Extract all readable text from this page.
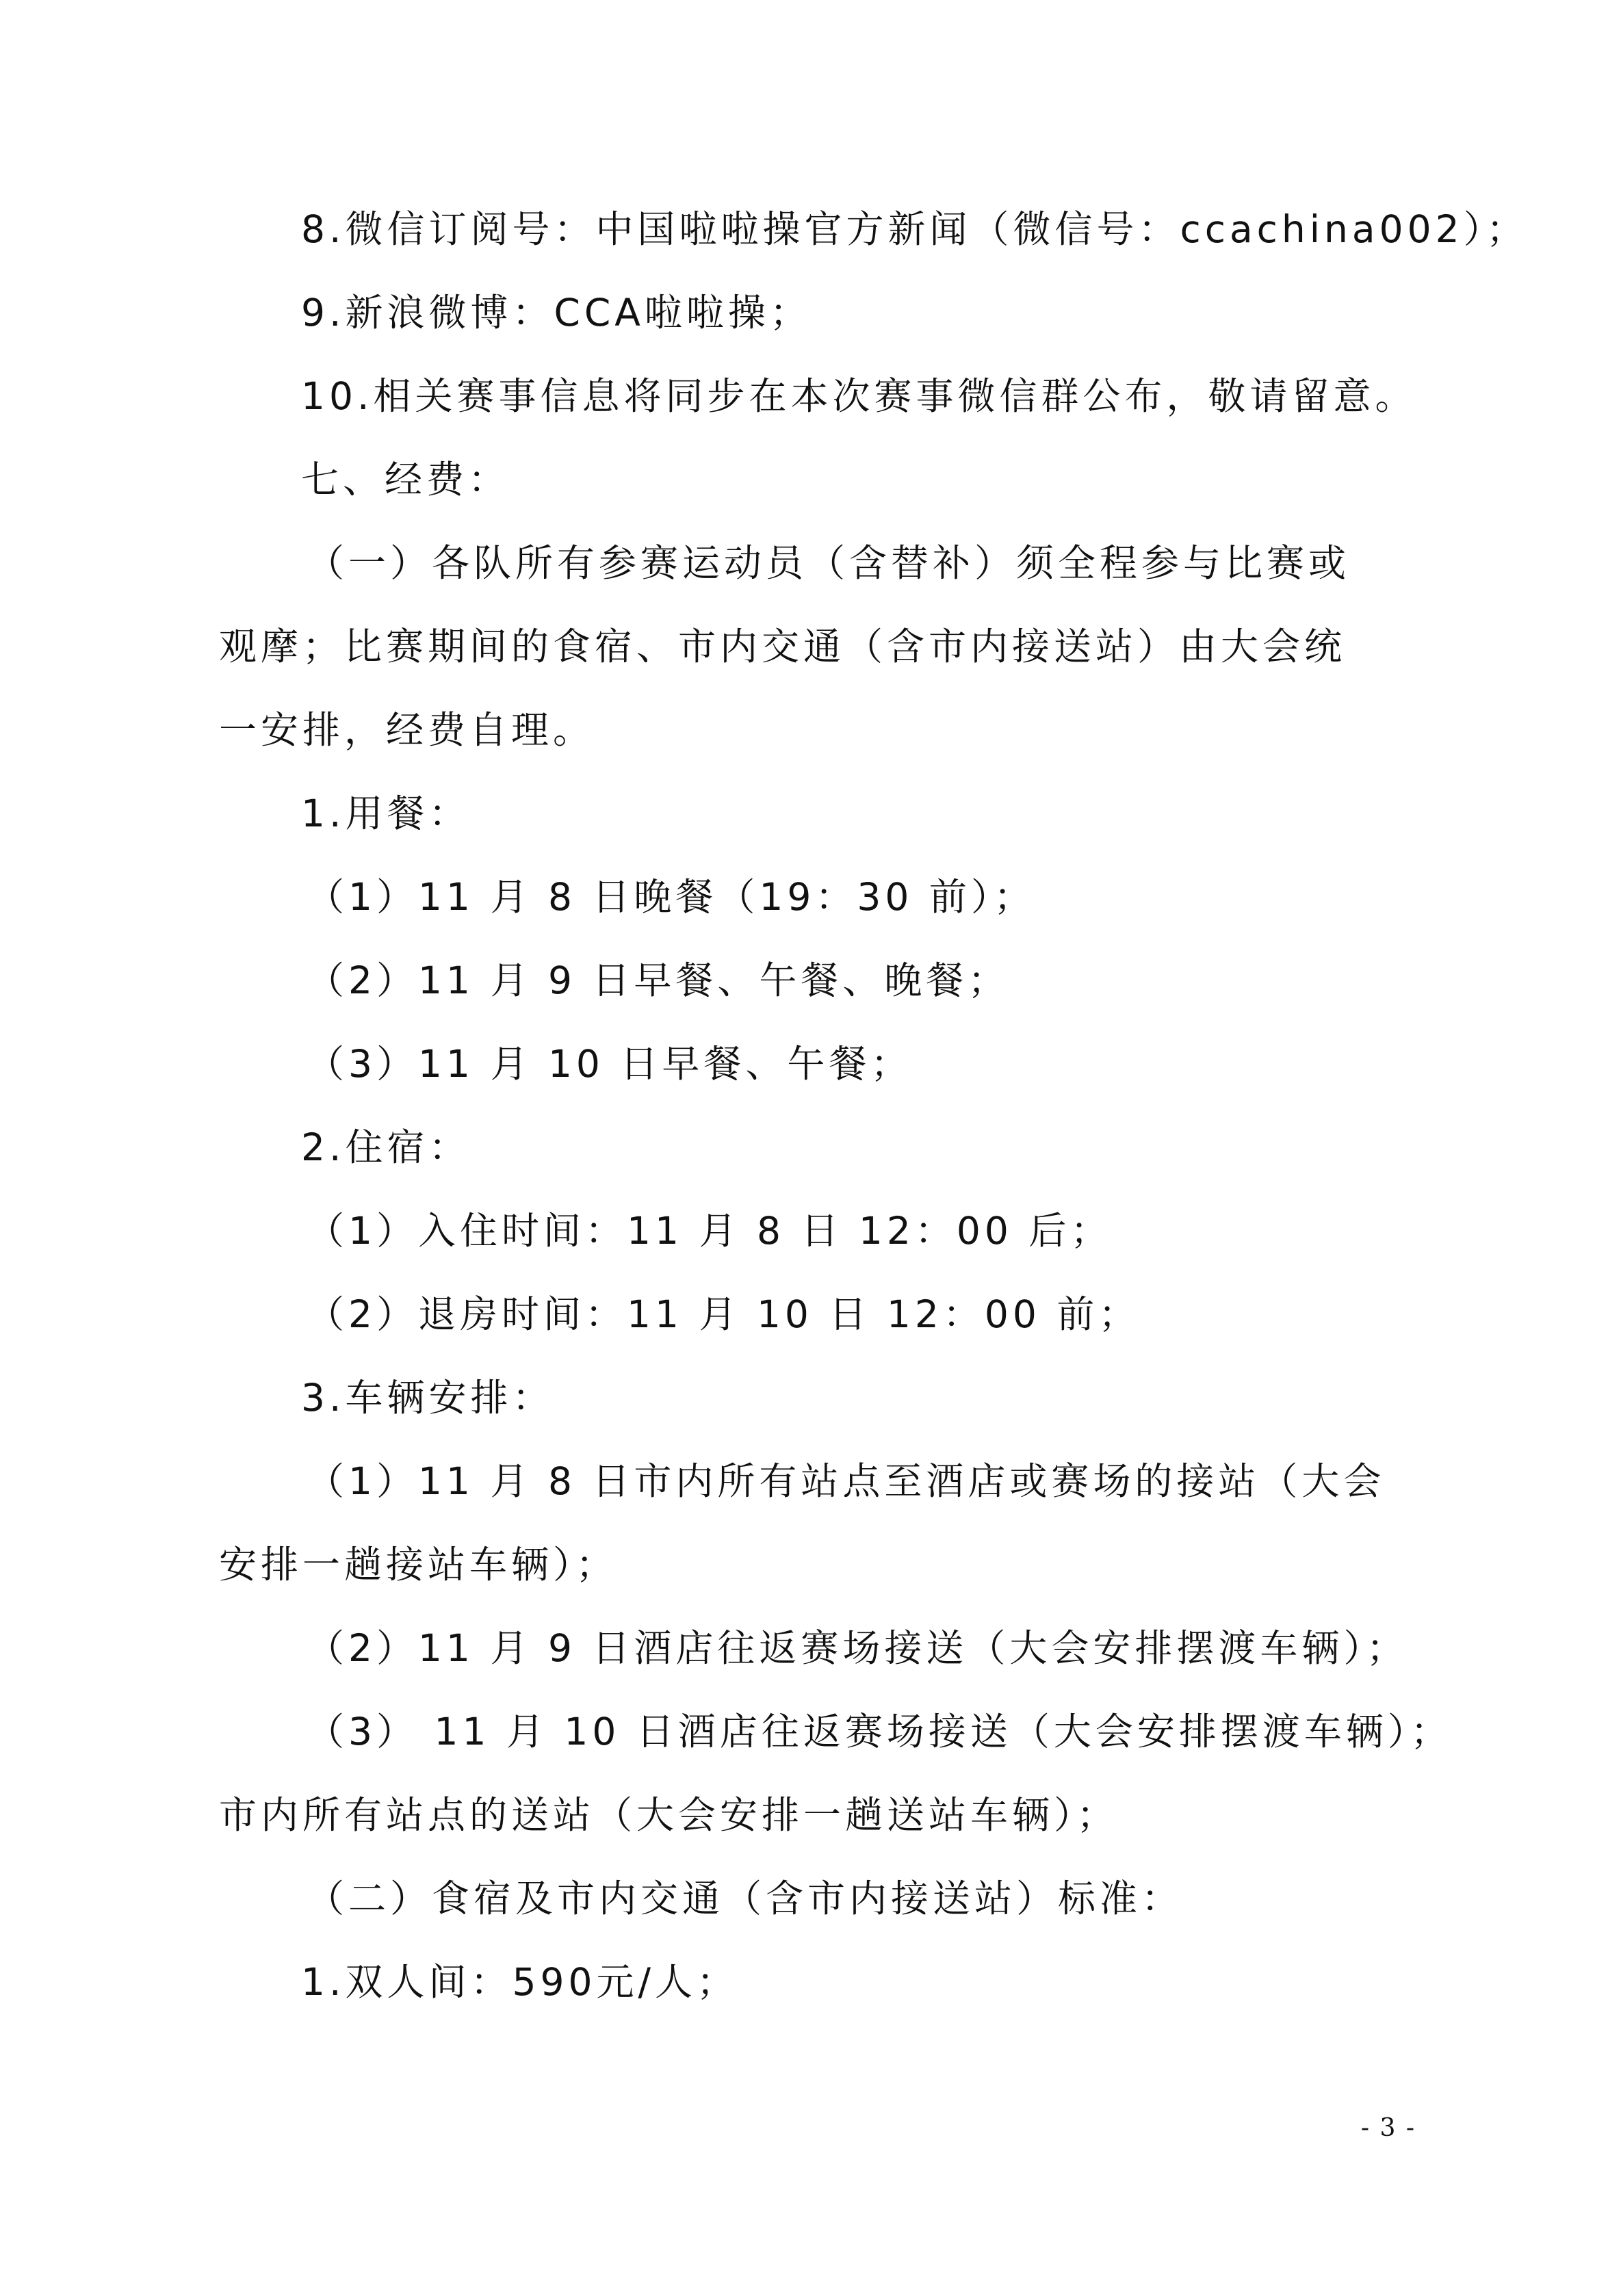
8.微信订阅号：中国啦啦操官方新闻（微信号：ccachina002）；
9.新浪微博：CCA啦啦操；
10.相关赛事信息将同步在本次赛事微信群公布，敬请留意。
七、经费：
（一）各队所有参赛运动员（含替补）须全程参与比赛或
观摩；比赛期间的食宿、市内交通（含市内接送站）由大会统
一安排，经费自理。
1.用餐：
（1）11 月 8 日晚餐（19：30 前）；
（2）11 月 9 日早餐、午餐、晚餐；
（3）11 月 10 日早餐、午餐；
2.住宿：
（1）入住时间：11 月 8 日 12：00 后；
（2）退房时间：11 月 10 日 12：00 前；
3.车辆安排：
（1）11 月 8 日市内所有站点至酒店或赛场的接站（大会
安排一趟接站车辆）；
（2）11 月 9 日酒店往返赛场接送（大会安排摆渡车辆）；
（3） 11 月 10 日酒店往返赛场接送（大会安排摆渡车辆）；
市内所有站点的送站（大会安排一趟送站车辆）；
（二）食宿及市内交通（含市内接送站）标准：
1.双人间：590元/人；
- 3 -
